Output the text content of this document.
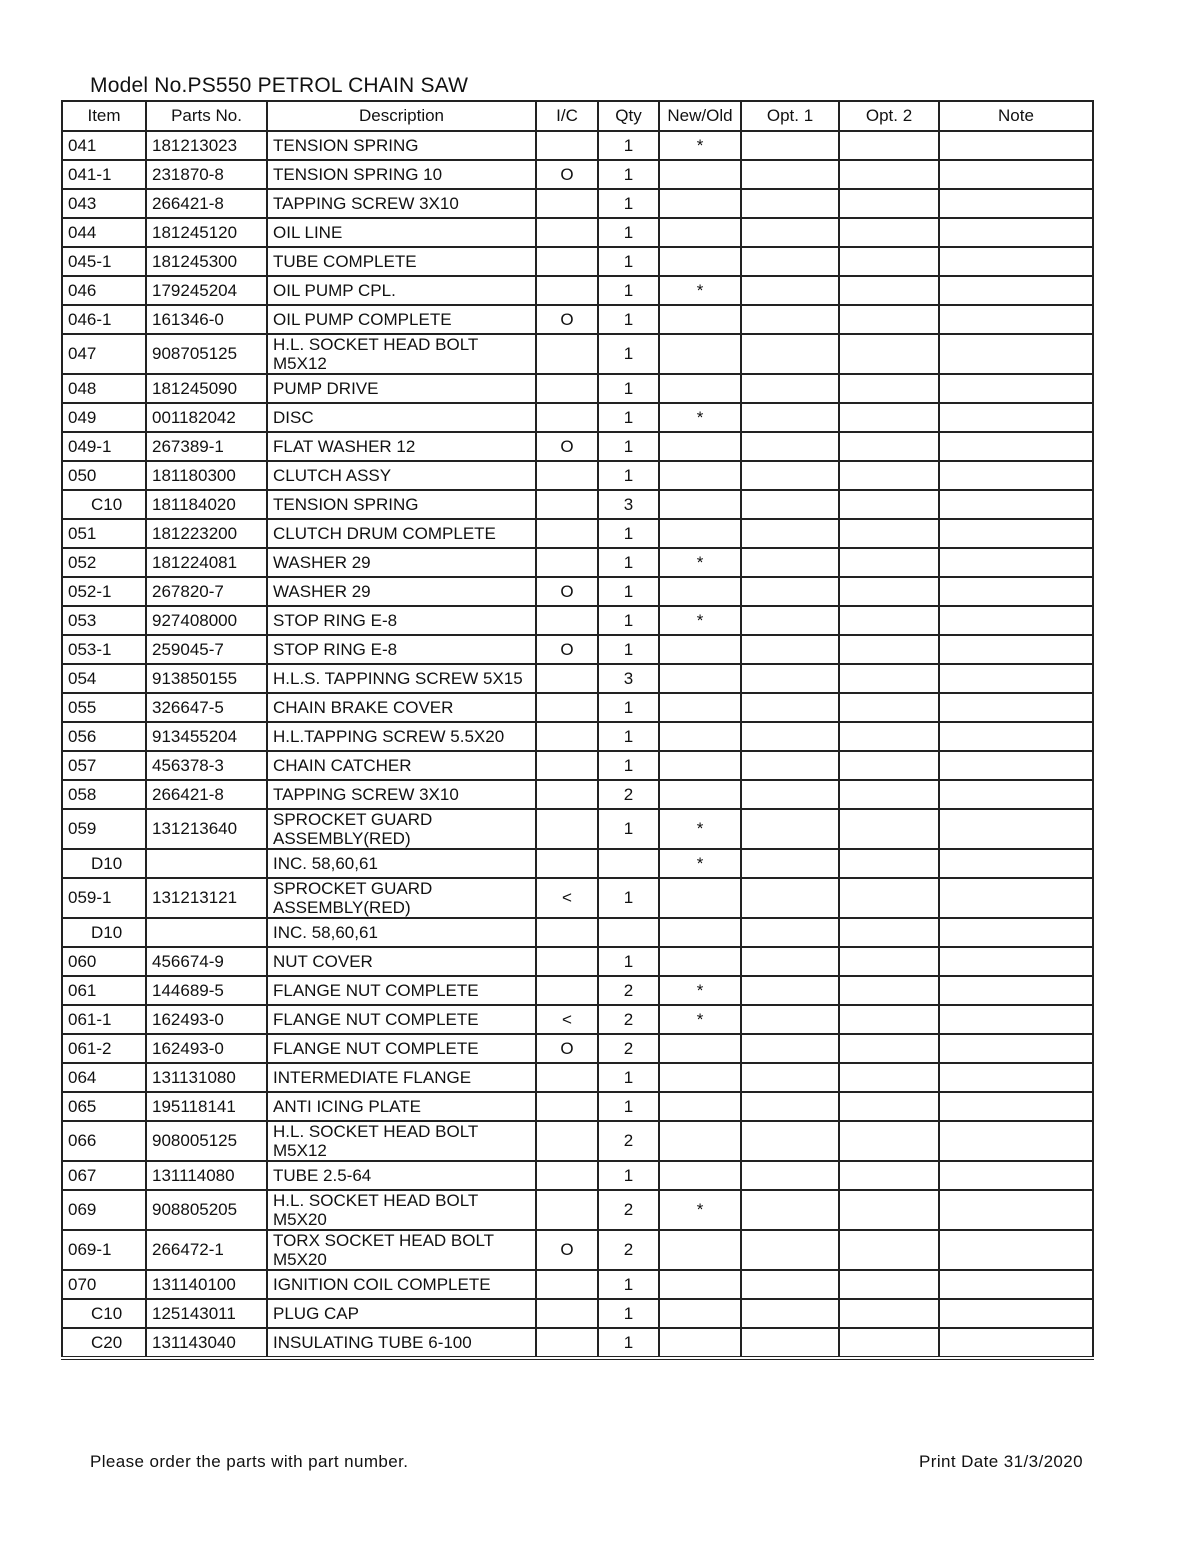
Model No.PS550 PETROL CHAIN SAW
Item	Parts No.	Description	I/C	Qty	New/Old	Opt. 1	Opt. 2	Note
041	181213023	TENSION SPRING		1	*			
041-1	231870-8	TENSION SPRING 10	O	1				
043	266421-8	TAPPING SCREW 3X10		1				
044	181245120	OIL LINE		1				
045-1	181245300	TUBE COMPLETE		1				
046	179245204	OIL PUMP CPL.		1	*			
046-1	161346-0	OIL PUMP COMPLETE	O	1				
047	908705125	H.L. SOCKET HEAD BOLT M5X12		1				
048	181245090	PUMP DRIVE		1				
049	001182042	DISC		1	*			
049-1	267389-1	FLAT WASHER 12	O	1				
050	181180300	CLUTCH ASSY		1				
C10	181184020	TENSION SPRING		3				
051	181223200	CLUTCH DRUM COMPLETE		1				
052	181224081	WASHER 29		1	*			
052-1	267820-7	WASHER 29	O	1				
053	927408000	STOP RING E-8		1	*			
053-1	259045-7	STOP RING E-8	O	1				
054	913850155	H.L.S. TAPPINNG SCREW 5X15		3				
055	326647-5	CHAIN BRAKE COVER		1				
056	913455204	H.L.TAPPING SCREW 5.5X20		1				
057	456378-3	CHAIN CATCHER		1				
058	266421-8	TAPPING SCREW 3X10		2				
059	131213640	SPROCKET GUARD ASSEMBLY(RED)		1	*			
D10		INC. 58,60,61			*			
059-1	131213121	SPROCKET GUARD ASSEMBLY(RED)	<	1				
D10		INC. 58,60,61						
060	456674-9	NUT COVER		1				
061	144689-5	FLANGE NUT COMPLETE		2	*			
061-1	162493-0	FLANGE NUT COMPLETE	<	2	*			
061-2	162493-0	FLANGE NUT COMPLETE	O	2				
064	131131080	INTERMEDIATE FLANGE		1				
065	195118141	ANTI ICING PLATE		1				
066	908005125	H.L. SOCKET HEAD BOLT M5X12		2				
067	131114080	TUBE 2.5-64		1				
069	908805205	H.L. SOCKET HEAD BOLT M5X20		2	*			
069-1	266472-1	TORX SOCKET HEAD BOLT M5X20	O	2				
070	131140100	IGNITION COIL COMPLETE		1				
C10	125143011	PLUG CAP		1				
C20	131143040	INSULATING TUBE 6-100		1				
Please order the parts with part number.	Print Date 31/3/2020
